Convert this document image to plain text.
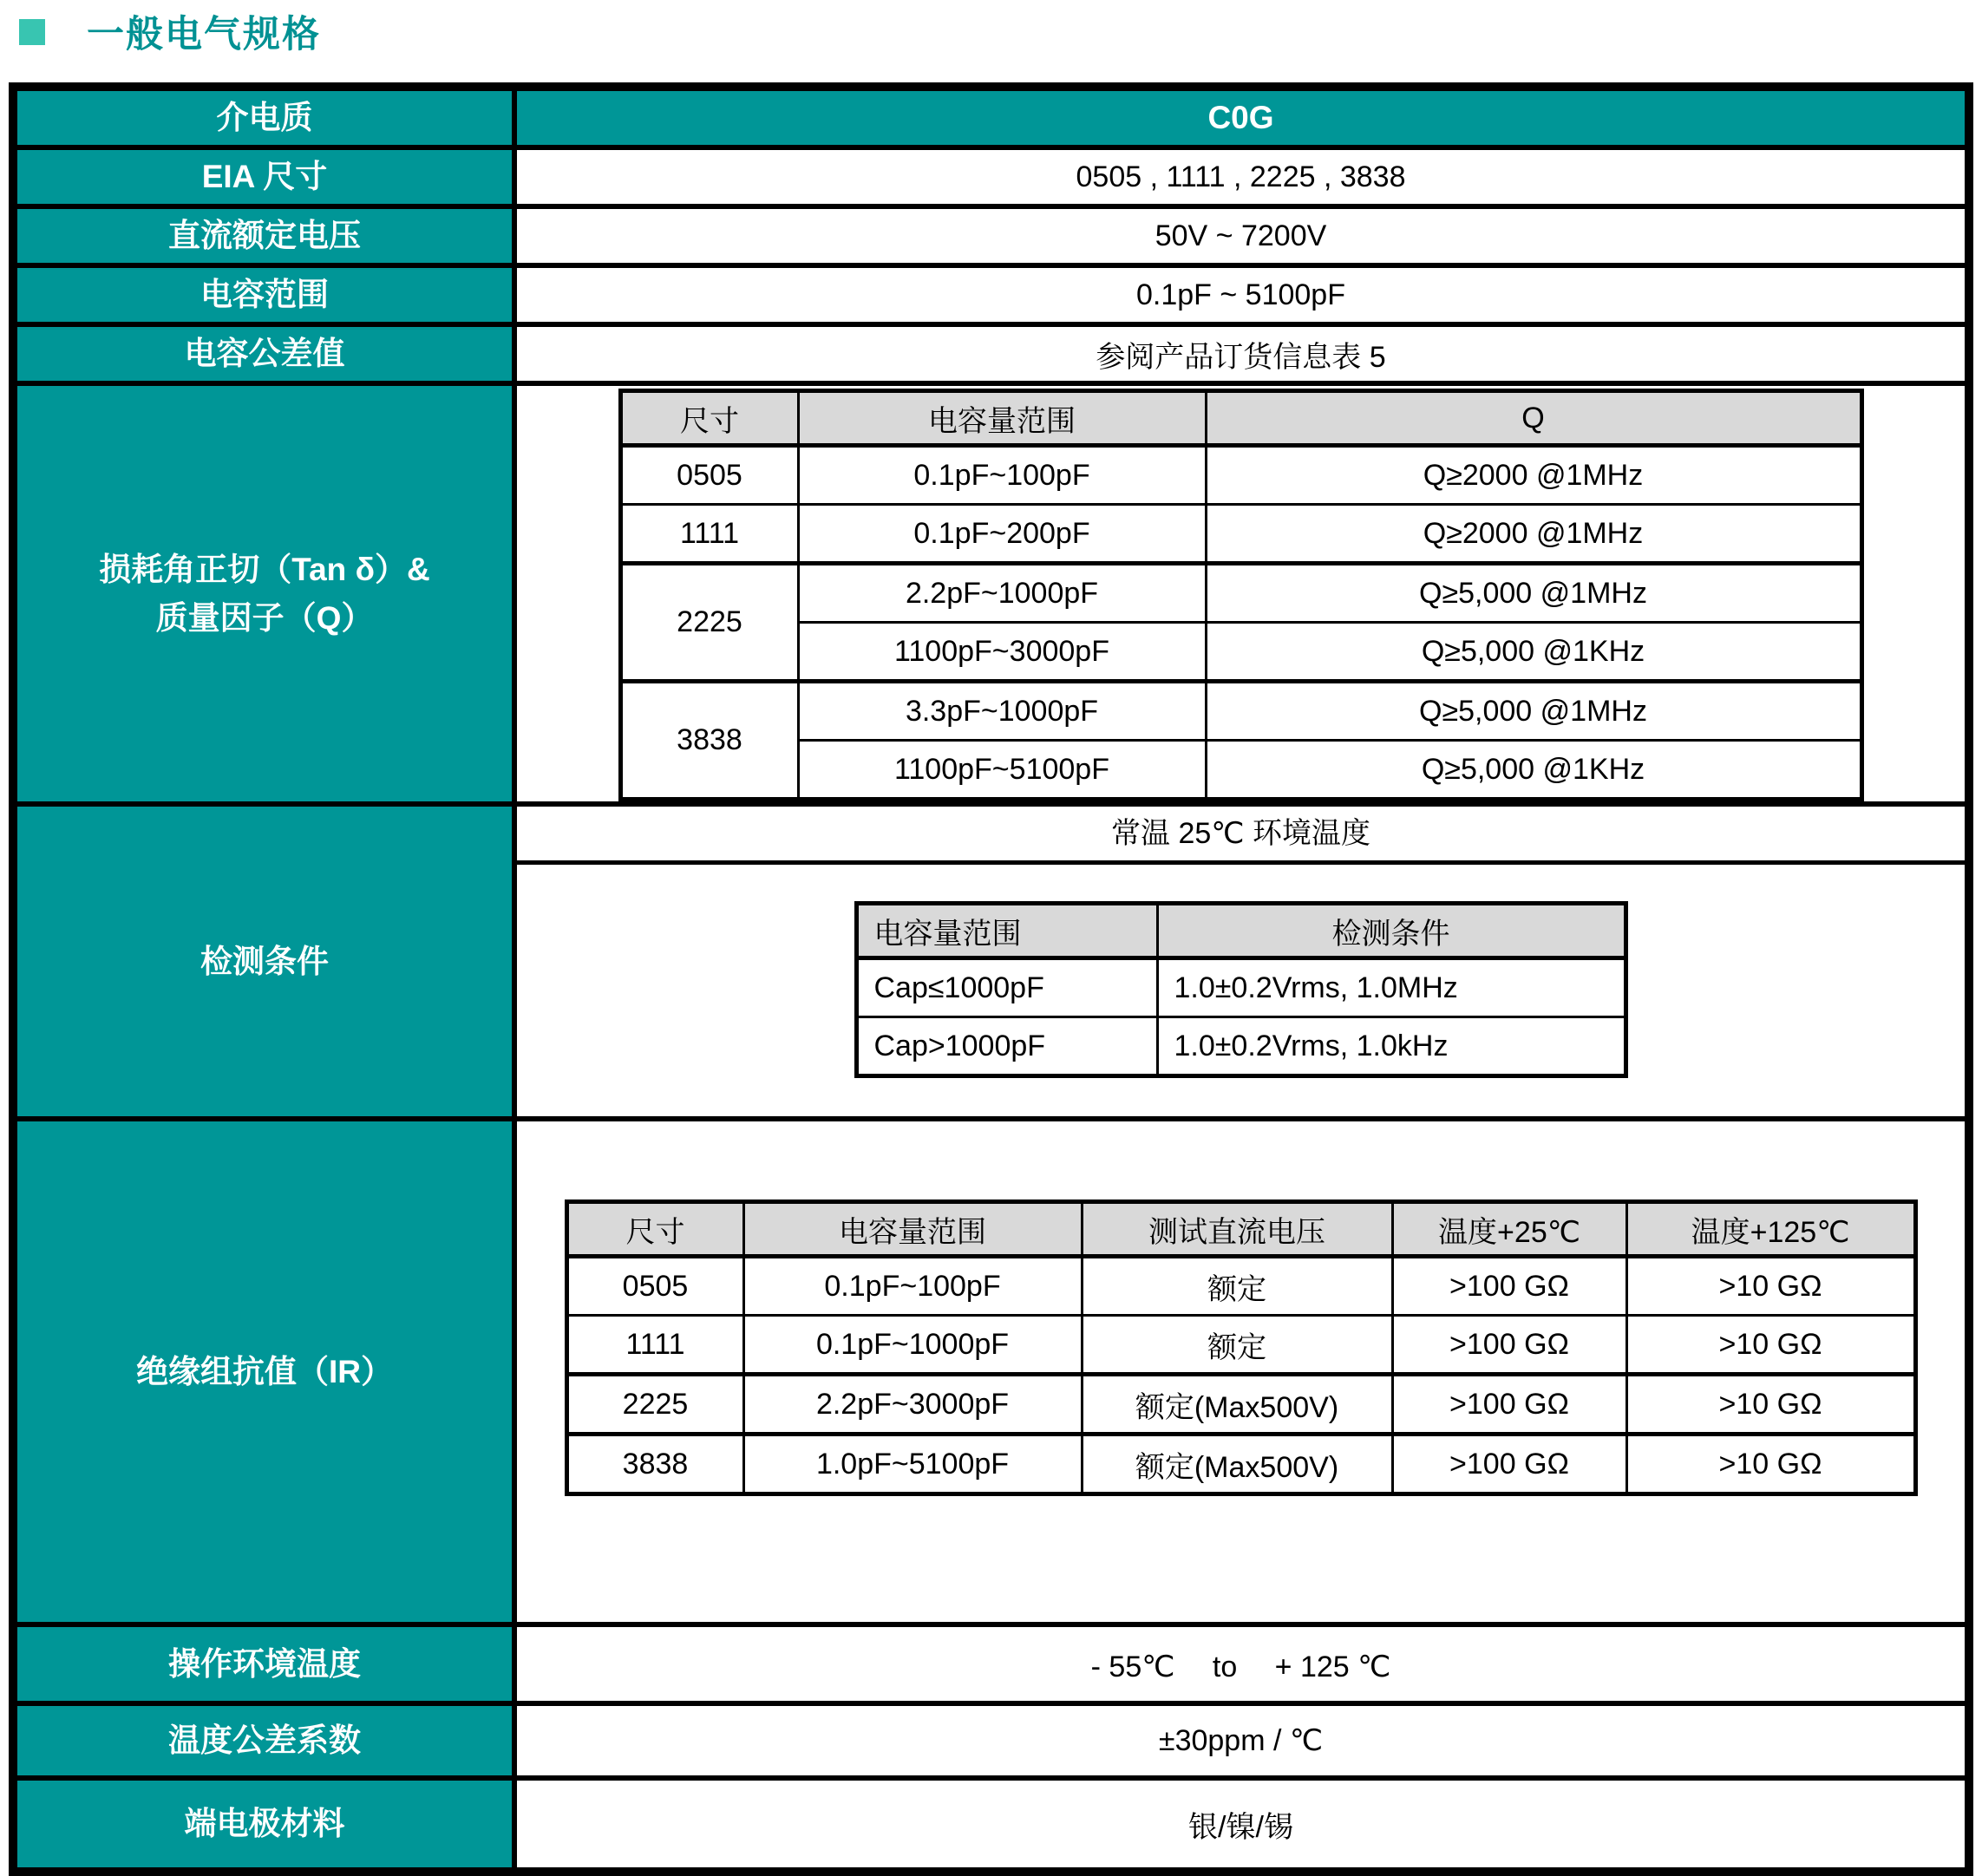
一般电气规格
介电质	C0G
EIA 尺寸	0505 , 1111 , 2225 , 3838
直流额定电压	50V ~ 7200V
电容范围	0.1pF ~ 5100pF
电容公差值	参阅产品订货信息表 5

损耗角正切（Tan δ）&
质量因子（Q）

尺寸	电容量范围	Q
0505	0.1pF~100pF	Q≥2000 @1MHz
1111	0.1pF~200pF	Q≥2000 @1MHz
2225	2.2pF~1000pF	Q≥5,000 @1MHz
1100pF~3000pF	Q≥5,000 @1KHz
3838	3.3pF~1000pF	Q≥5,000 @1MHz
1100pF~5100pF	Q≥5,000 @1KHz

检测条件	
常温 25℃ 环境温度
电容量范围	检测条件
Cap≤1000pF	1.0±0.2Vrms, 1.0MHz
Cap>1000pF	1.0±0.2Vrms, 1.0kHz

绝缘组抗值（IR）	
尺寸	电容量范围	测试直流电压	温度+25℃	温度+125℃
0505	0.1pF~100pF	额定	>100 GΩ	>10 GΩ
1111	0.1pF~1000pF	额定	>100 GΩ	>10 GΩ
2225	2.2pF~3000pF	额定(Max500V)	>100 GΩ	>10 GΩ
3838	1.0pF~5100pF	额定(Max500V)	>100 GΩ	>10 GΩ

操作环境温度	- 55℃　 to 　+ 125 ℃
温度公差系数	±30ppm / ℃
端电极材料	银/镍/锡
